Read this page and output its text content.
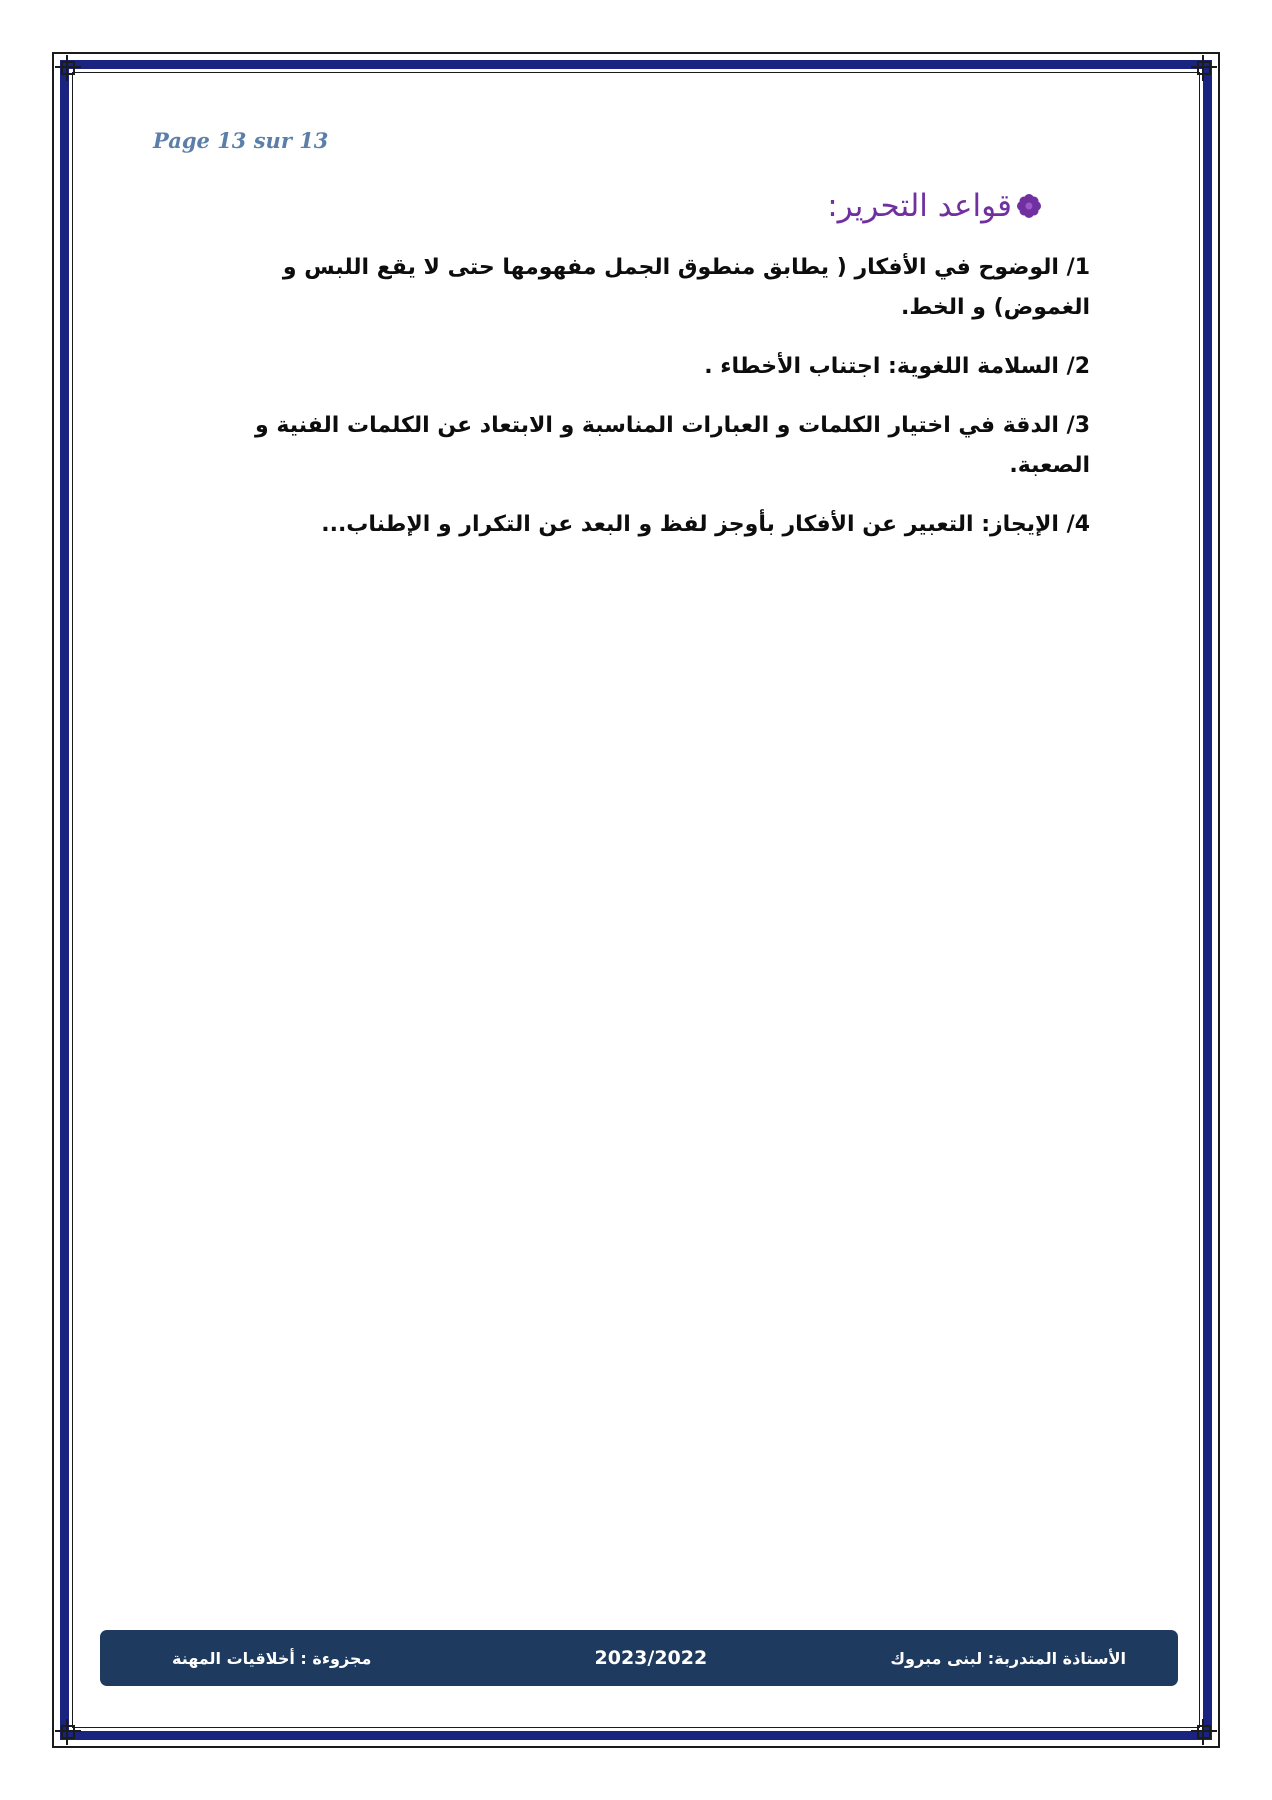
Page 13 sur 13

قواعد التحرير:

1/ الوضوح في الأفكار ( يطابق منطوق الجمل مفهومها حتى لا يقع اللبس و الغموض) و الخط.

2/ السلامة اللغوية: اجتناب الأخطاء .

3/ الدقة في اختيار الكلمات و العبارات المناسبة و الابتعاد عن الكلمات الفنية و الصعبة.

4/ الإيجاز: التعبير عن الأفكار بأوجز لفظ و البعد عن التكرار و الإطناب...

مجزوءة : أخلاقيات المهنة	2023/2022	الأستاذة المتدربة: لبنى مبروك
